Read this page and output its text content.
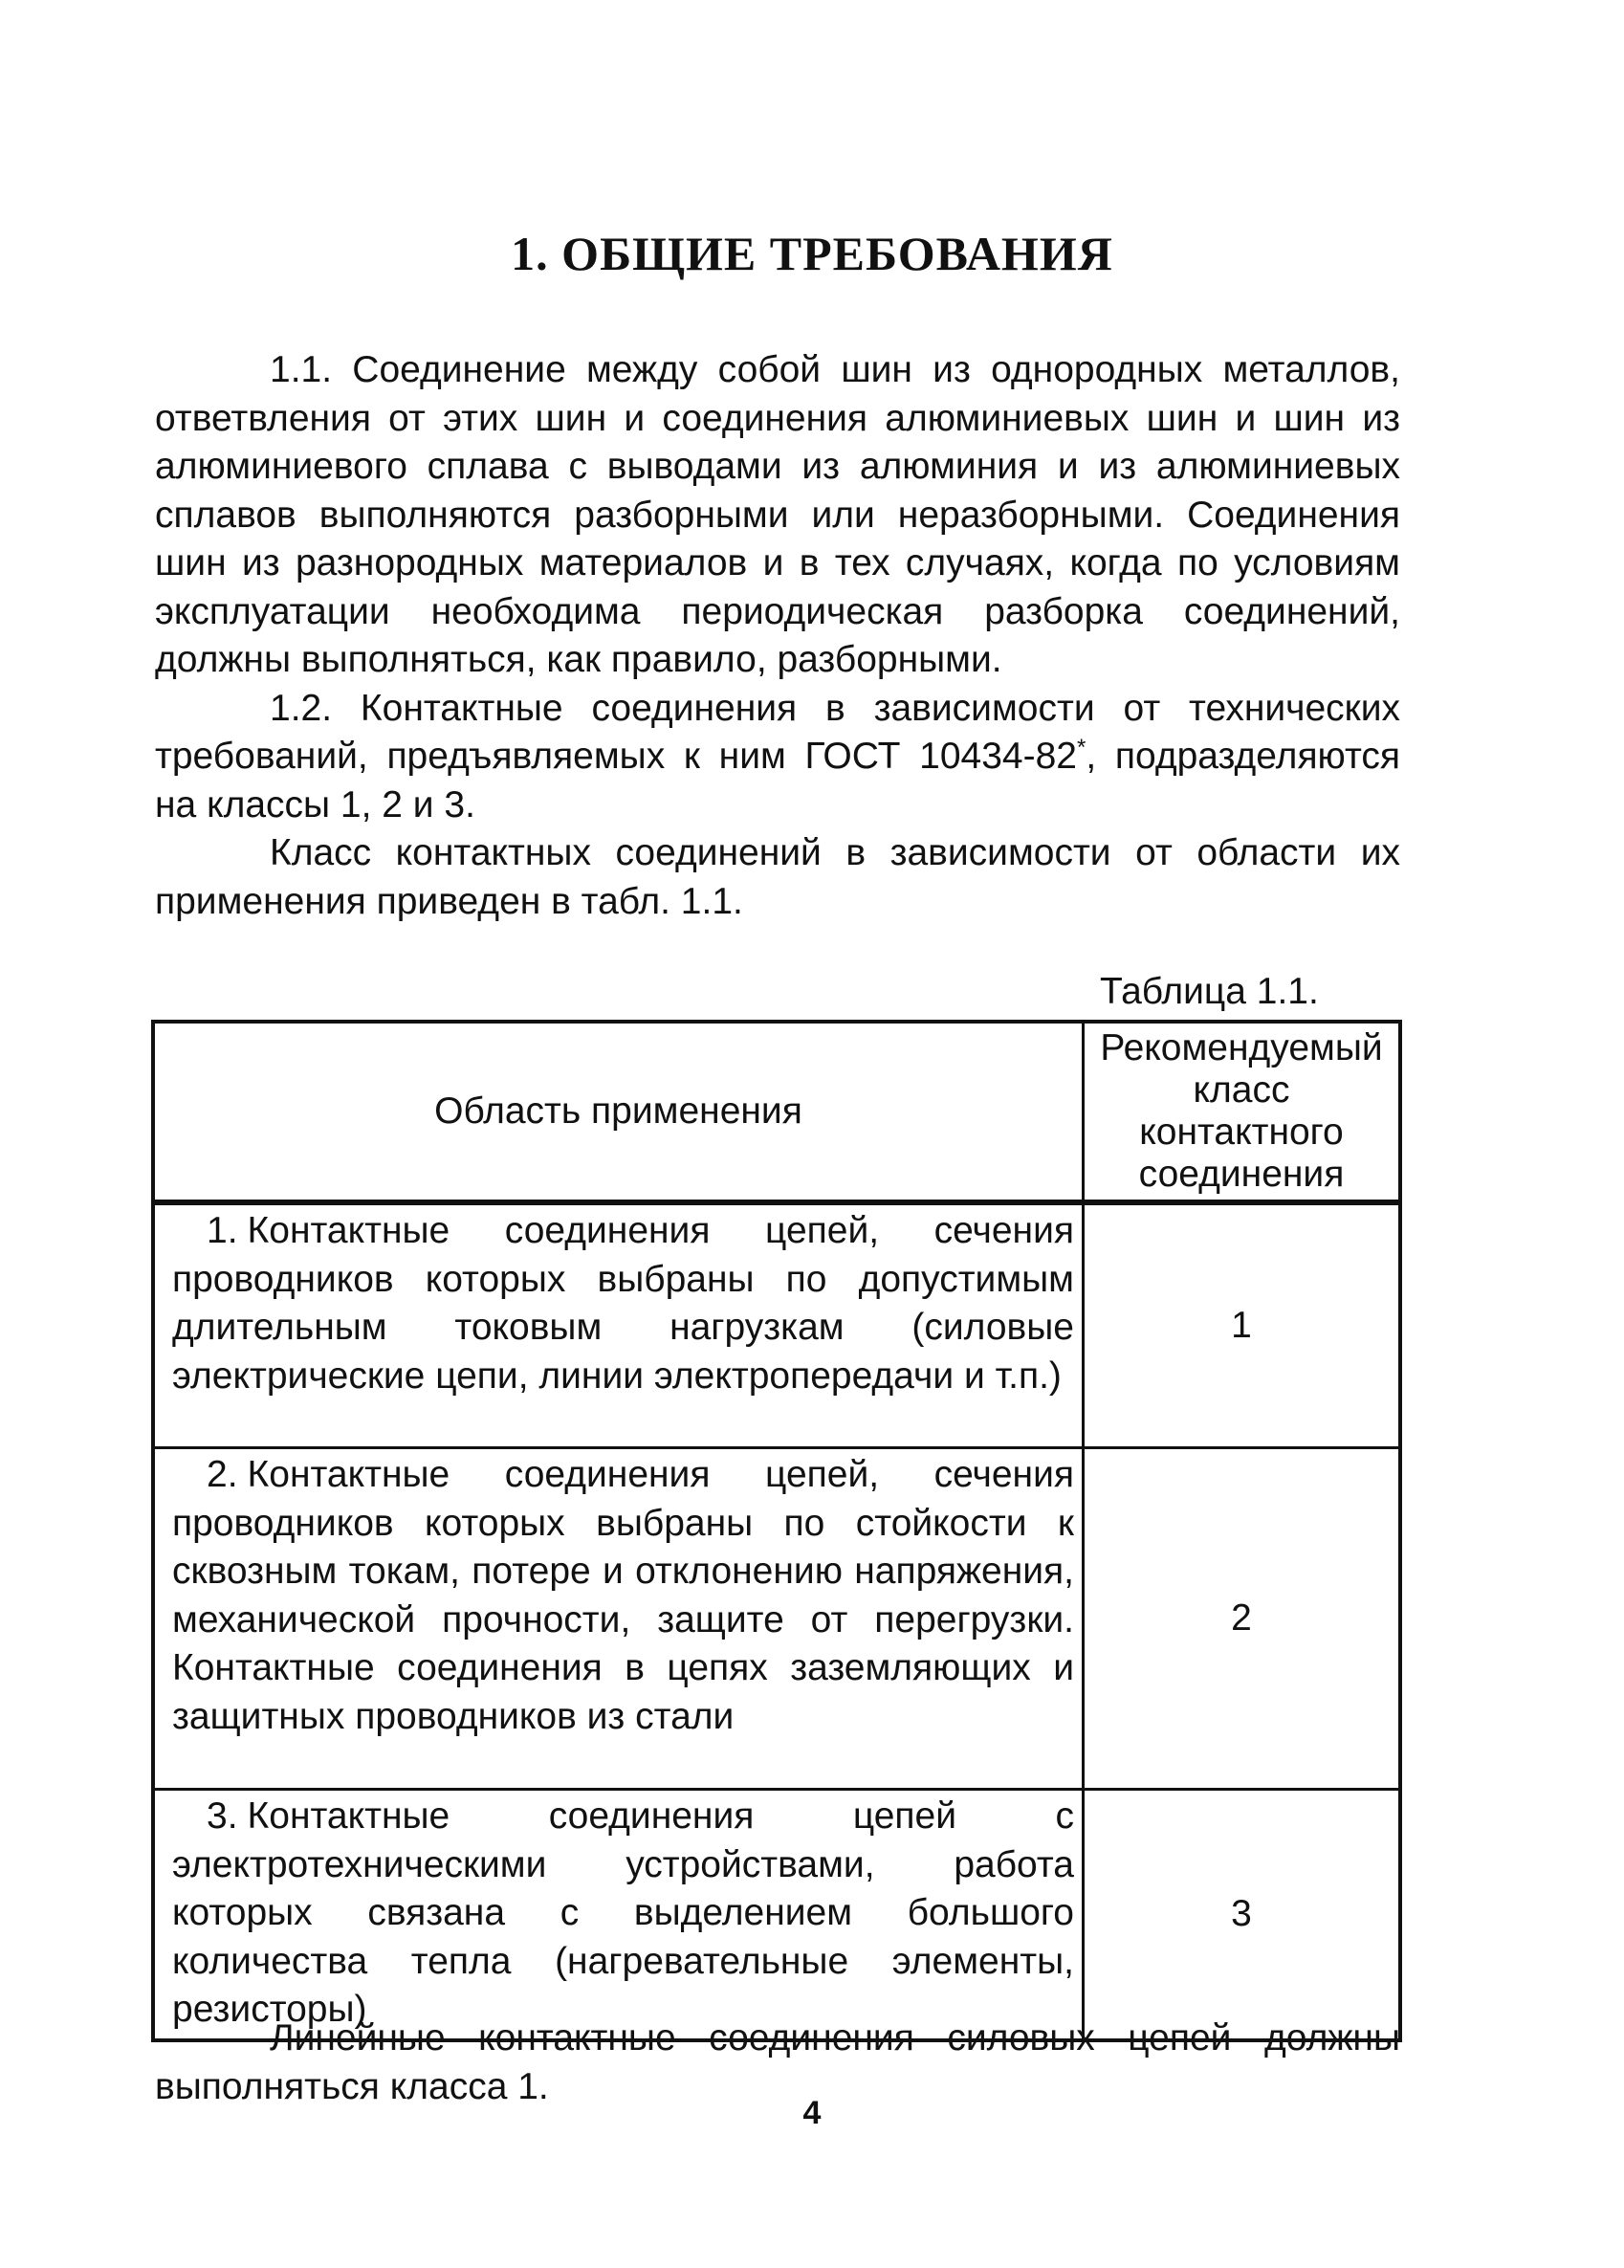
1. ОБЩИЕ ТРЕБОВАНИЯ

1.1. Соединение между собой шин из однородных металлов, ответвления от этих шин и соединения алюминиевых шин и шин из алюминиевого сплава с выводами из алюминия и из алюминиевых сплавов выполняются разборными или неразборными. Соединения шин из разнородных материалов и в тех случаях, когда по условиям эксплуатации необходима периодическая разборка соединений, должны выполняться, как правило, разборными.

1.2. Контактные соединения в зависимости от технических требований, предъявляемых к ним ГОСТ 10434-82*, подразделяются на классы 1, 2 и 3.

Класс контактных соединений в зависимости от области их применения приведен в табл. 1.1.

Таблица 1.1.
Область применения	Рекомендуемый класс контактного соединения

1. Контактные соединения цепей, сечения проводников которых выбраны по допустимым длительным токовым нагрузкам (силовые электрические цепи, линии электропередачи и т.п.)	1

2. Контактные соединения цепей, сечения проводников которых выбраны по стойкости к сквозным токам, потере и отклонению напряжения, механической прочности, защите от перегрузки. Контактные соединения в цепях заземляющих и защитных проводников из стали	2

3. Контактные соединения цепей с электротехническими устройствами, работа которых связана с выделением большого количества тепла (нагревательные элементы, резисторы)	3

Линейные контактные соединения силовых цепей должны выполняться класса 1.

4
